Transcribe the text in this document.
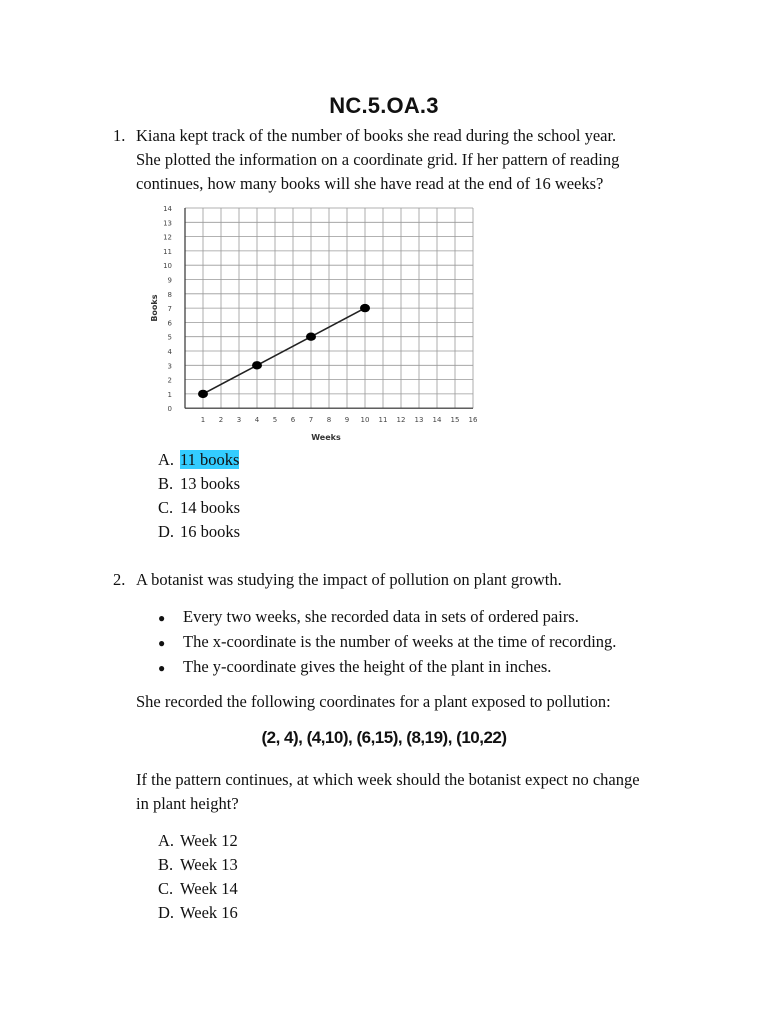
NC.5.OA.3
1. Kiana kept track of the number of books she read during the school year.
She plotted the information on a coordinate grid. If her pattern of reading
continues, how many books will she have read at the end of 16 weeks?
0
1
2
3
4
5
6
7
8
9
10
11
12
13
14
1 2 3 4 5 6 7 8 9 10 11 12 13 14 15 16
Weeks
Books
A. 11 books
B. 13 books
C. 14 books
D. 16 books
2. A botanist was studying the impact of pollution on plant growth.
● Every two weeks, she recorded data in sets of ordered pairs.
● The x-coordinate is the number of weeks at the time of recording.
● The y-coordinate gives the height of the plant in inches.
She recorded the following coordinates for a plant exposed to pollution:
(2, 4), (4,10), (6,15), (8,19), (10,22)
If the pattern continues, at which week should the botanist expect no change
in plant height?
A. Week 12
B. Week 13
C. Week 14
D. Week 16
